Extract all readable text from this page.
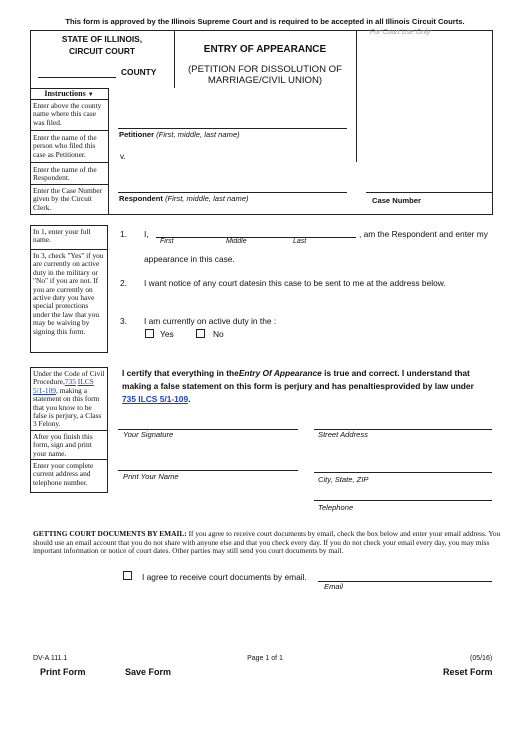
This form is approved by the Illinois Supreme Court and is required to be accepted in all Illinois Circuit Courts.
STATE OF ILLINOIS,
CIRCUIT COURT
COUNTY
ENTRY OF APPEARANCE
(PETITION FOR DISSOLUTION OF
MARRIAGE/CIVIL UNION)
For Court Use Only
Instructions ▼
Enter above the county name where this case was filed.
Enter the name of the person who filed this case as Petitioner.
Enter the name of the Respondent.
Enter the Case Number given by the Circuit Clerk.
Petitioner (First, middle, last name)
v.
Respondent (First, middle, last name)	Case Number
In 1, enter your full name.
In 3, check "Yes" if you are currently on active duty in the military or "No" if you are not. If you are currently on active duty you have special protections under the law that you may be waiving by signing this form.
Under the Code of Civil Procedure,735 ILCS 5/1-109, making a statement on this form that you know to be false is perjury, a Class 3 Felony.
After you finish this form, sign and print your name.
Enter your complete current address and telephone number.
1. I,
First	Middle	Last
, am the Respondent and enter my
appearance in this case.
2. I want notice of any court datesin this case to be sent to me at the address below.
3. I am currently on active duty in the :
Yes	No
I certify that everything in theEntry Of Appearance is true and correct. I understand that
making a false statement on this form is perjury and has penaltiesprovided by law under
735 ILCS 5/1-109.
Your Signature	Street Address
Print Your Name	City, State, ZIP
Telephone
GETTING COURT DOCUMENTS BY EMAIL: If you agree to receive court documents by email, check the box below and enter your email address. You should use an email account that you do not share with anyone else and that you check every day. If you do not check your email every day, you may miss important information or notice of court dates. Other parties may still send you court documents by mail.
I agree to receive court documents by email.
Email
DV-A 111.1	Page 1 of 1	(05/16)
Print Form	Save Form	Reset Form
